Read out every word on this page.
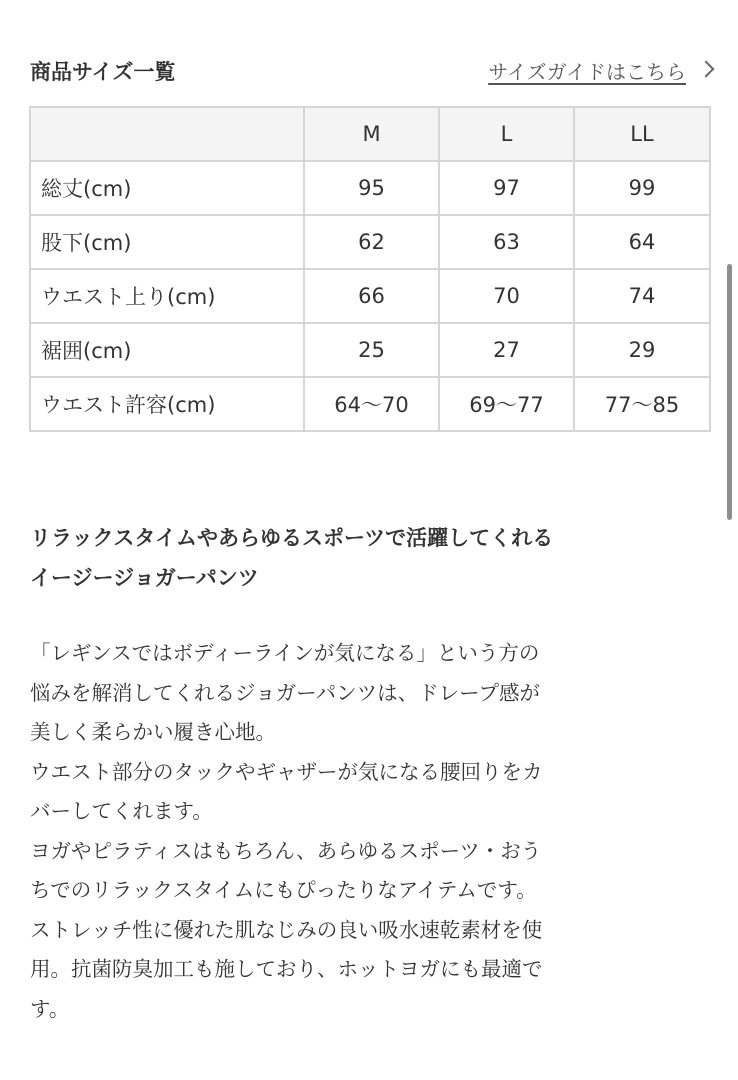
商品サイズ一覧	サイズガイドはこちら
	M	L	LL
総丈(cm)	95	97	99
股下(cm)	62	63	64
ウエスト上り(cm)	66	70	74
裾囲(cm)	25	27	29
ウエスト許容(cm)	64〜70	69〜77	77〜85
リラックスタイムやあらゆるスポーツで活躍してくれる
イージージョガーパンツ
「レギンスではボディーラインが気になる」という方の
悩みを解消してくれるジョガーパンツは、ドレープ感が
美しく柔らかい履き心地。
ウエスト部分のタックやギャザーが気になる腰回りをカ
バーしてくれます。
ヨガやピラティスはもちろん、あらゆるスポーツ・おう
ちでのリラックスタイムにもぴったりなアイテムです。
ストレッチ性に優れた肌なじみの良い吸水速乾素材を使
用。抗菌防臭加工も施しており、ホットヨガにも最適で
す。
